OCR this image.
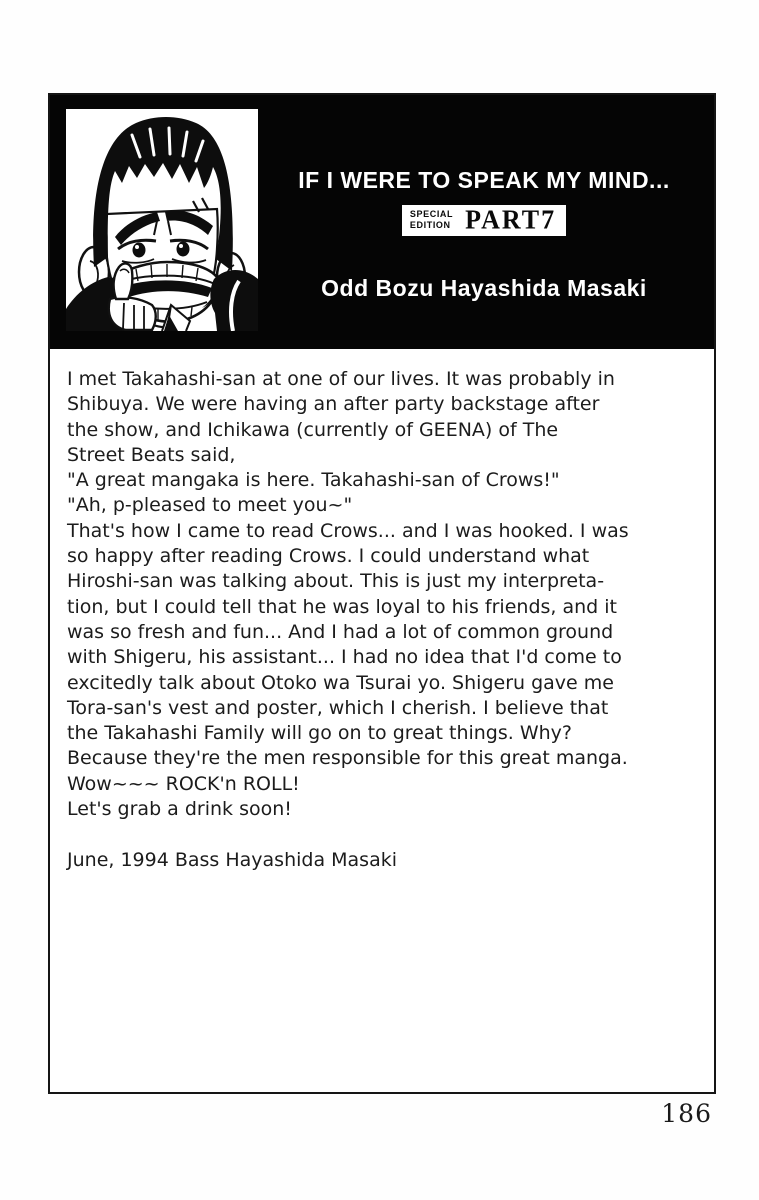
IF I WERE TO SPEAK MY MIND...
SPECIAL
EDITION PART7
Odd Bozu Hayashida Masaki
I met Takahashi-san at one of our lives. It was probably in
Shibuya. We were having an after party backstage after
the show, and Ichikawa (currently of GEENA) of The
Street Beats said,
"A great mangaka is here. Takahashi-san of Crows!"
"Ah, p-pleased to meet you~"
That's how I came to read Crows... and I was hooked. I was
so happy after reading Crows. I could understand what
Hiroshi-san was talking about. This is just my interpreta-
tion, but I could tell that he was loyal to his friends, and it
was so fresh and fun... And I had a lot of common ground
with Shigeru, his assistant... I had no idea that I'd come to
excitedly talk about Otoko wa Tsurai yo. Shigeru gave me
Tora-san's vest and poster, which I cherish. I believe that
the Takahashi Family will go on to great things. Why?
Because they're the men responsible for this great manga.
Wow~~~ ROCK'n ROLL!
Let's grab a drink soon!
June, 1994 Bass Hayashida Masaki
186
